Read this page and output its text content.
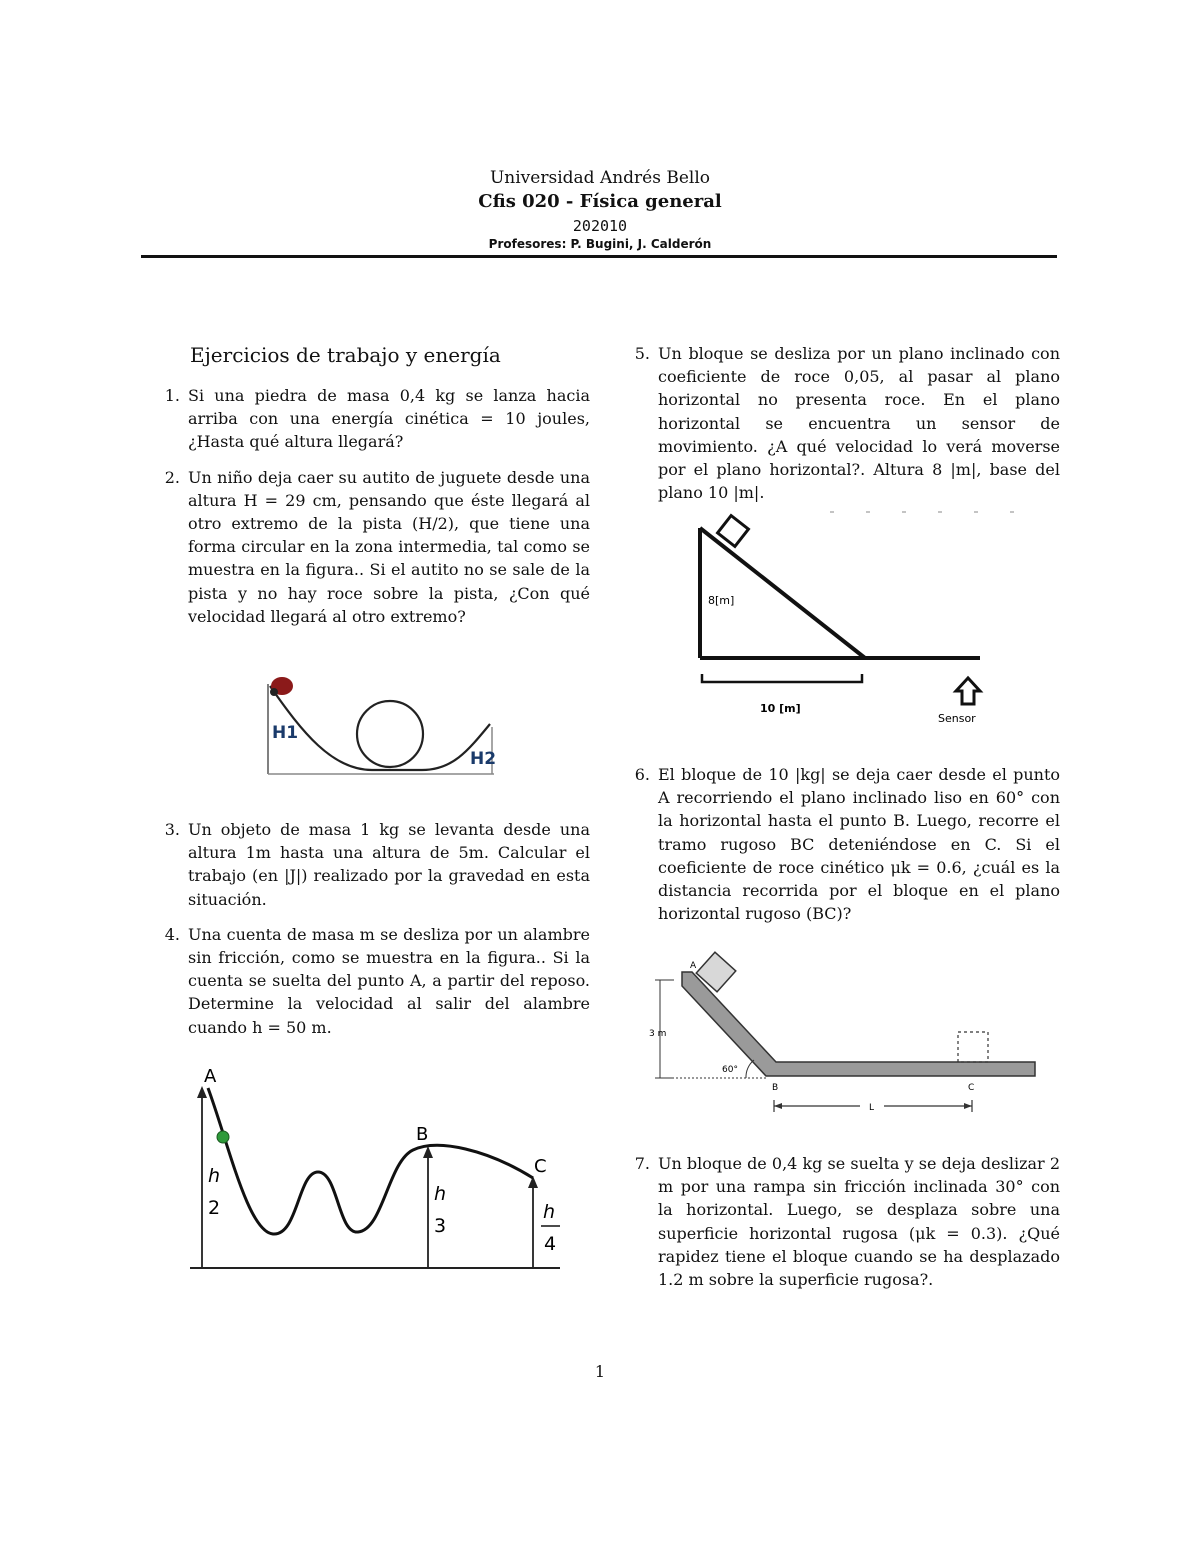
Universidad Andrés Bello
Cfis 020 - Física general
202010
Profesores: P. Bugini, J. Calderón
Ejercicios de trabajo y energía
1. Si una piedra de masa 0,4 kg se lanza hacia arriba con una energía cinética = 10 joules, ¿Hasta qué altura llegará?
2. Un niño deja caer su autito de juguete desde una altura H = 29 cm, pensando que éste llegará al otro extremo de la pista (H/2), que tiene una forma circular en la zona intermedia, tal como se muestra en la figura.. Si el autito no se sale de la pista y no hay roce sobre la pista, ¿Con qué velocidad llegará al otro extremo?
3. Un objeto de masa 1 kg se levanta desde una altura 1m hasta una altura de 5m. Calcular el trabajo (en |J|) realizado por la gravedad en esta situación.
4. Una cuenta de masa m se desliza por un alambre sin fricción, como se muestra en la figura.. Si la cuenta se suelta del punto A, a partir del reposo. Determine la velocidad al salir del alambre cuando h = 50 m.
5. Un bloque se desliza por un plano inclinado con coeficiente de roce 0,05, al pasar al plano horizontal no presenta roce. En el plano horizontal se encuentra un sensor de movimiento. ¿A qué velocidad lo verá moverse por el plano horizontal?. Altura 8 |m|, base del plano 10 |m|.
6. El bloque de 10 |kg| se deja caer desde el punto A recorriendo el plano inclinado liso en 60° con la horizontal hasta el punto B. Luego, recorre el tramo rugoso BC deteniéndose en C. Si el coeficiente de roce cinético μk = 0.6, ¿cuál es la distancia recorrida por el bloque en el plano horizontal rugoso (BC)?
7. Un bloque de 0,4 kg se suelta y se deja deslizar 2 m por una rampa sin fricción inclinada 30° con la horizontal. Luego, se desplaza sobre una superficie horizontal rugosa (μk = 0.3). ¿Qué rapidez tiene el bloque cuando se ha desplazado 1.2 m sobre la superficie rugosa?.
H1
H2
A
B
C
h
2
h
3
h
4
8[m]
10 [m]
Sensor
A
3 m
60°
B	C
L
1
